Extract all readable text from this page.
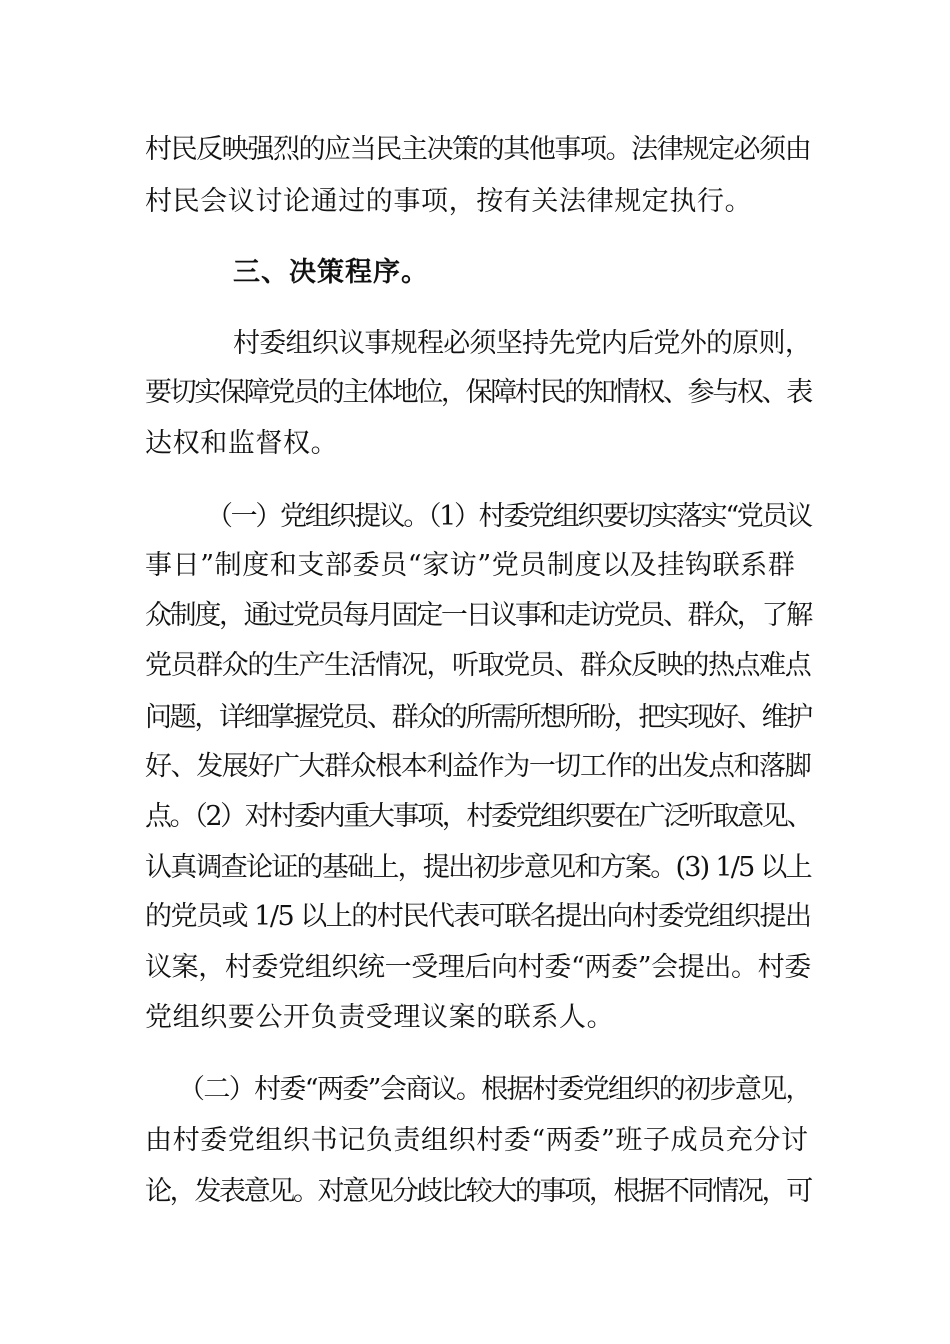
村民反映强烈的应当民主决策的其他事项。法律规定必须由
村民会议讨论通过的事项，按有关法律规定执行。
三、决策程序。
村委组织议事规程必须坚持先党内后党外的原则，
要切实保障党员的主体地位，保障村民的知情权、参与权、表
达权和监督权。
（一）党组织提议。（1）村委党组织要切实落实“党员议
事日”制度和支部委员“家访”党员制度以及挂钩联系群
众制度，通过党员每月固定一日议事和走访党员、群众，了解
党员群众的生产生活情况，听取党员、群众反映的热点难点
问题，详细掌握党员、群众的所需所想所盼，把实现好、维护
好、发展好广大群众根本利益作为一切工作的出发点和落脚
点。（2）对村委内重大事项，村委党组织要在广泛听取意见、
认真调查论证的基础上，提出初步意见和方案。(3) 1/5 以上
的党员或 1/5 以上的村民代表可联名提出向村委党组织提出
议案，村委党组织统一受理后向村委“两委”会提出。村委
党组织要公开负责受理议案的联系人。
（二）村委“两委”会商议。根据村委党组织的初步意见，
由村委党组织书记负责组织村委“两委”班子成员充分讨
论，发表意见。对意见分歧比较大的事项，根据不同情况，可
